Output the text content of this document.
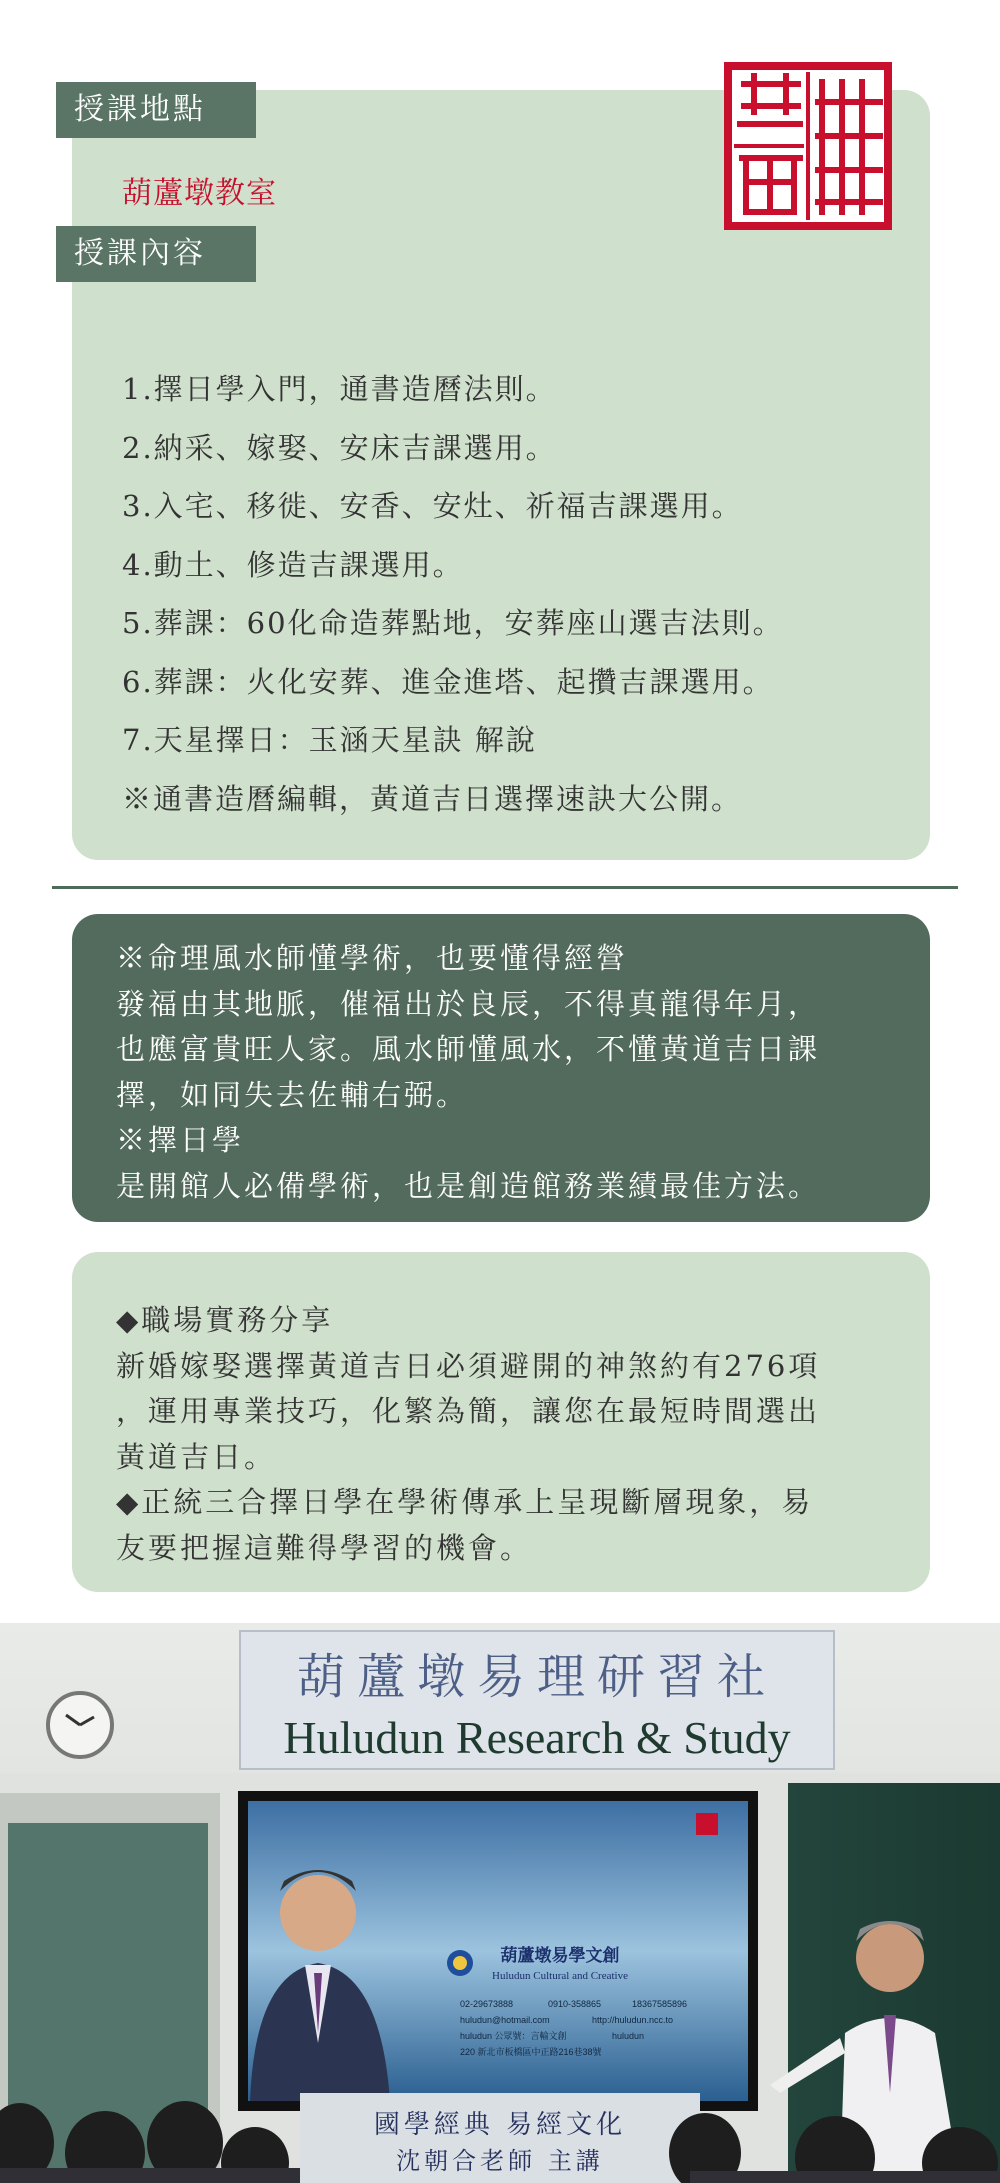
授課地點
葫蘆墩教室
授課內容
1.擇日學入門，通書造曆法則。
2.納采、嫁娶、安床吉課選用。
3.入宅、移徙、安香、安灶、祈福吉課選用。
4.動土、修造吉課選用。
5.葬課：60化命造葬點地，安葬座山選吉法則。
6.葬課：火化安葬、進金進塔、起攢吉課選用。
7.天星擇日：玉涵天星訣 解說
※通書造曆編輯，黃道吉日選擇速訣大公開。
※命理風水師懂學術，也要懂得經營
發福由其地脈，催福出於良辰，不得真龍得年月，
也應富貴旺人家。風水師懂風水，不懂黃道吉日課
擇，如同失去佐輔右弼。
※擇日學
是開館人必備學術，也是創造館務業績最佳方法。
◆職場實務分享
新婚嫁娶選擇黃道吉日必須避開的神煞約有276項
，運用專業技巧，化繁為簡，讓您在最短時間選出
黃道吉日。
◆正統三合擇日學在學術傳承上呈現斷層現象，易
友要把握這難得學習的機會。
葫蘆墩易理研習社
Huludun Research & Study
葫蘆墩易學文創
Huludun Cultural and Creative
02-29673888	0910-358865	18367585896
huludun@hotmail.com	http://huludun.ncc.to
huludun 公眾號：言輸文創	huludun
220 新北市板橋區中正路216巷38號
國學經典 易經文化
沈朝合老師 主講
